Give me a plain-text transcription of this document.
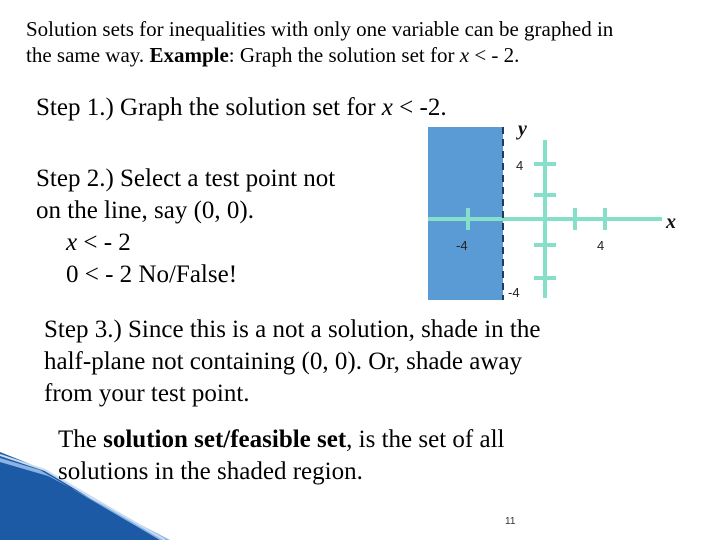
Solution sets for inequalities with only one variable can be graphed in
the same way. Example: Graph the solution set for x < - 2.
Step 1.) Graph the solution set for x < -2.
Step 2.) Select a test point not
on the line, say (0, 0).
x < - 2
0 < - 2 No/False!
y
x
4
-4
4
-4
Step 3.) Since this is a not a solution, shade in the
half-plane not containing (0, 0). Or, shade away
from your test point.
The solution set/feasible set, is the set of all
solutions in the shaded region.
11
